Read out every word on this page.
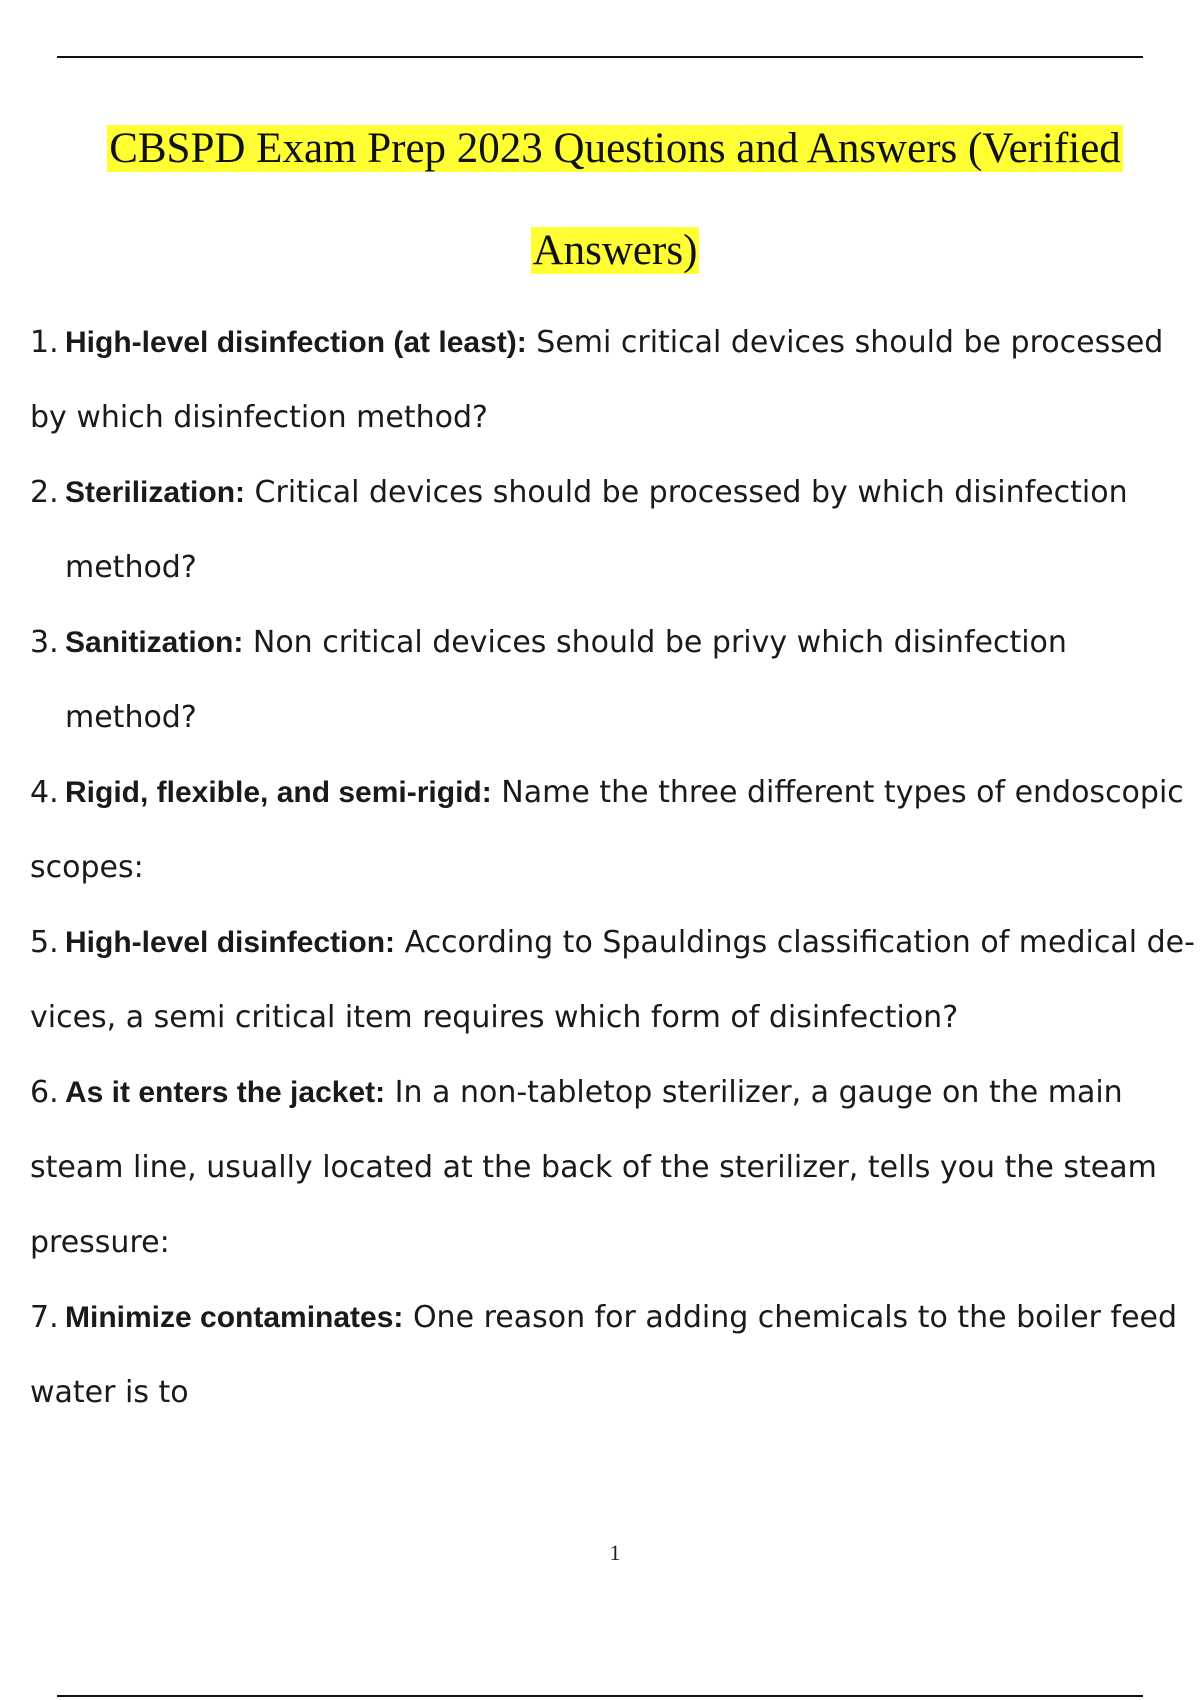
CBSPD Exam Prep 2023 Questions and Answers (Verified Answers)
1. High-level disinfection (at least): Semi critical devices should be processed by which disinfection method?
2. Sterilization: Critical devices should be processed by which disinfection method?
3. Sanitization: Non critical devices should be privy which disinfection method?
4. Rigid, flexible, and semi-rigid: Name the three different types of endoscopic scopes:
5. High-level disinfection: According to Spauldings classification of medical de- vices, a semi critical item requires which form of disinfection?
6. As it enters the jacket: In a non-tabletop sterilizer, a gauge on the main steam line, usually located at the back of the sterilizer, tells you the steam pressure:
7. Minimize contaminates: One reason for adding chemicals to the boiler feed water is to
1
